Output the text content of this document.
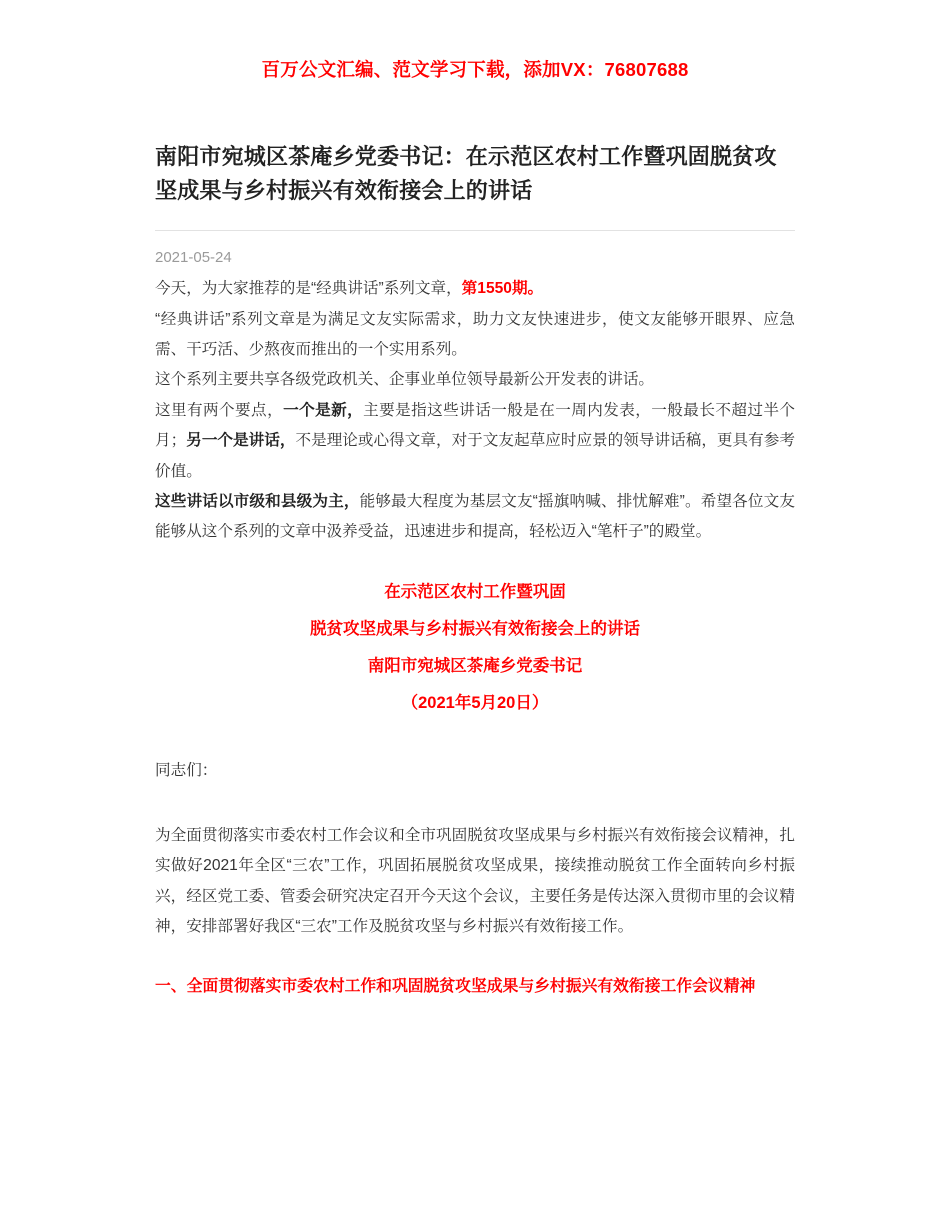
百万公文汇编、范文学习下载，添加VX：76807688
南阳市宛城区茶庵乡党委书记：在示范区农村工作暨巩固脱贫攻坚成果与乡村振兴有效衔接会上的讲话
2021-05-24
今天，为大家推荐的是“经典讲话”系列文章，第1550期。
“经典讲话”系列文章是为满足文友实际需求，助力文友快速进步，使文友能够开眼界、应急需、干巧活、少熬夜而推出的一个实用系列。
这个系列主要共享各级党政机关、企事业单位领导最新公开发表的讲话。
这里有两个要点，一个是新，主要是指这些讲话一般是在一周内发表，一般最长不超过半个月；另一个是讲话，不是理论或心得文章，对于文友起草应时应景的领导讲话稿，更具有参考价值。
这些讲话以市级和县级为主，能够最大程度为基层文友“摇旗呐喊、排忧解难”。希望各位文友能够从这个系列的文章中汲养受益，迅速进步和提高，轻松迈入“笔杆子”的殿堂。
在示范区农村工作暨巩固
脱贫攻坚成果与乡村振兴有效衔接会上的讲话
南阳市宛城区茶庵乡党委书记
（2021年5月20日）
同志们：
为全面贯彻落实市委农村工作会议和全市巩固脱贫攻坚成果与乡村振兴有效衔接会议精神，扎实做好2021年全区“三农”工作，巩固拓展脱贫攻坚成果，接续推动脱贫工作全面转向乡村振兴，经区党工委、管委会研究决定召开今天这个会议，主要任务是传达深入贯彻市里的会议精神，安排部署好我区“三农”工作及脱贫攻坚与乡村振兴有效衔接工作。
一、全面贯彻落实市委农村工作和巩固脱贫攻坚成果与乡村振兴有效衔接工作会议精神
